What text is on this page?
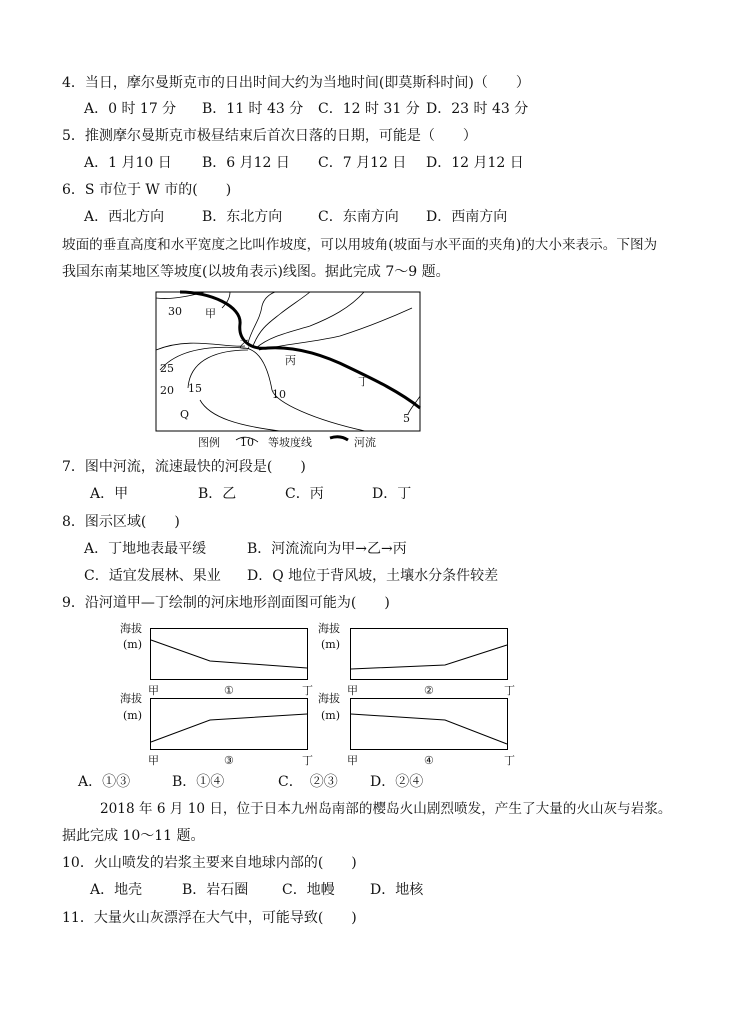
4．当日，摩尔曼斯克市的日出时间大约为当地时间(即莫斯科时间)（　　）
A．0 时 17 分 B．11 时 43 分 C．12 时 31 分 D．23 时 43 分
5．推测摩尔曼斯克市极昼结束后首次日落的日期，可能是（　　）
A．1 月10 日 B．6 月12 日 C．7 月12 日 D．12 月12 日
6．S 市位于 W 市的(　　)
A．西北方向	B．东北方向	C．东南方向 D．西南方向
坡面的垂直高度和水平宽度之比叫作坡度，可以用坡角(坡面与水平面的夹角)的大小来表示。下图为
我国东南某地区等坡度(以坡角表示)线图。据此完成 7～9 题。
30 甲
乙
丙
丁
25
20 15	10
Q	5
图例 10 等坡度线	河流
7．图中河流，流速最快的河段是(　　)
A．甲	B．乙	C．丙	D．丁
8．图示区域(　　)
A．丁地地表最平缓	B．河流流向为甲→乙→丙
C．适宜发展林、果业 D．Q 地位于背风坡，土壤水分条件较差
9．沿河道甲—丁绘制的河床地形剖面图可能为(　　)
海拔
(m)
甲	①	丁
海拔
(m)
甲	②	丁
海拔
(m)
甲	③	丁
海拔
(m)
甲	④	丁
A．①③	B．①④	C．　②③ D．②④
2018 年 6 月 10 日，位于日本九州岛南部的樱岛火山剧烈喷发，产生了大量的火山灰与岩浆。
据此完成 10～11 题。
10．火山喷发的岩浆主要来自地球内部的(　　)
A．地壳	B．岩石圈 C．地幔	D．地核
11．大量火山灰漂浮在大气中，可能导致(　　)
